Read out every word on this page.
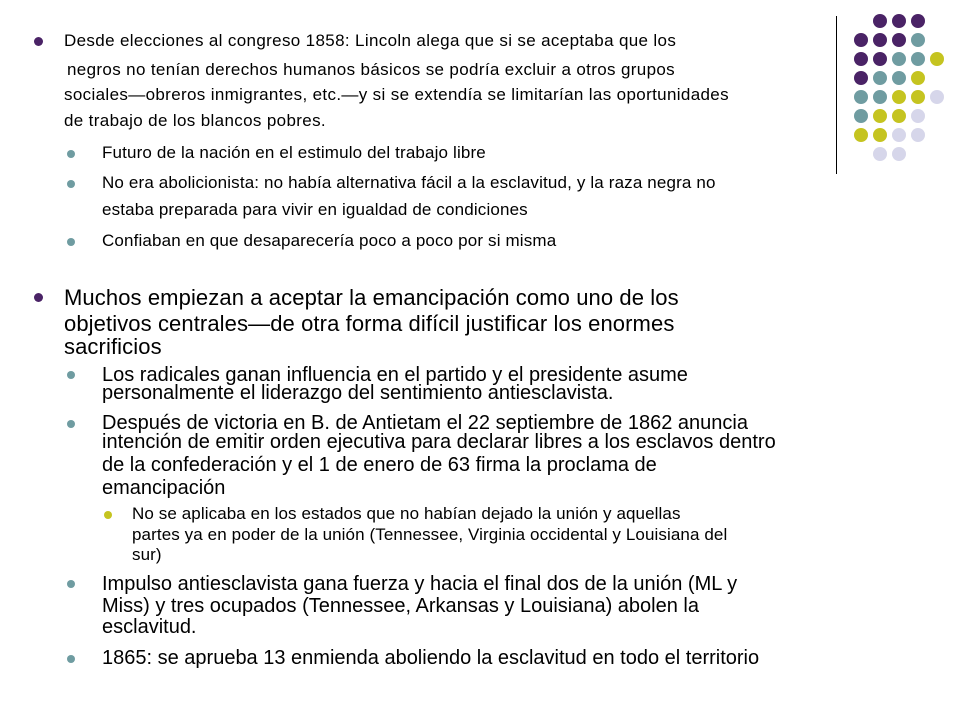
Desde elecciones al congreso 1858: Lincoln alega que si se aceptaba que los
negros no tenían derechos humanos básicos se podría excluir a otros grupos
sociales—obreros inmigrantes, etc.—y si se extendía se limitarían las oportunidades
de trabajo de los blancos pobres.
Futuro de la nación en el estimulo del trabajo libre
No era abolicionista: no había alternativa fácil a la esclavitud, y la raza negra no
estaba preparada para vivir en igualdad de condiciones
Confiaban en que desaparecería poco a poco por si misma
Muchos empiezan a aceptar la emancipación como uno de los
objetivos centrales—de otra forma difícil justificar los enormes
sacrificios
Los radicales ganan influencia en el partido y el presidente asume
personalmente el liderazgo del sentimiento antiesclavista.
Después de victoria en B. de Antietam el 22 septiembre de 1862 anuncia
intención de emitir orden ejecutiva para declarar libres a los esclavos dentro
de la confederación y el 1 de enero de 63 firma la proclama de
emancipación
No se aplicaba en los estados que no habían dejado la unión y aquellas
partes ya en poder de la unión (Tennessee, Virginia occidental y Louisiana del
sur)
Impulso antiesclavista gana fuerza y hacia el final dos de la unión (ML y
Miss) y tres ocupados (Tennessee, Arkansas y Louisiana) abolen la
esclavitud.
1865: se aprueba 13 enmienda aboliendo la esclavitud en todo el territorio
